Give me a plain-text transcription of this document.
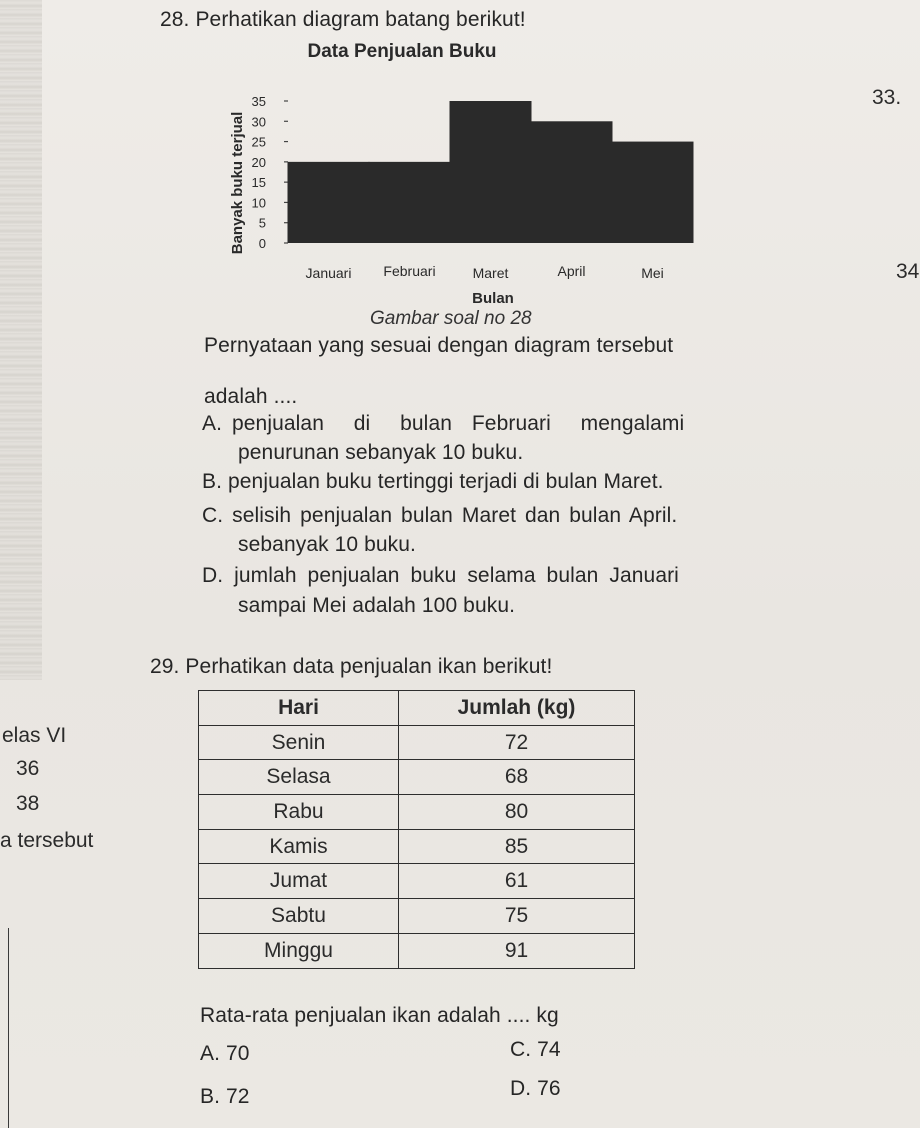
28. Perhatikan diagram batang berikut!
Data Penjualan Buku
Banyak buku terjual
Bulan
0
5
10
15
20
25
30
35
Januari Februari	Maret	April	Mei
Gambar soal no 28
Pernyataan yang sesuai dengan diagram tersebut
adalah ....
A. penjualan   di   bulan  Februari   mengalami
penurunan sebanyak 10 buku.
B. penjualan buku tertinggi terjadi di bulan Maret.
C. selisih penjualan bulan Maret dan bulan April.
sebanyak 10 buku.
D. jumlah penjualan buku selama bulan Januari
sampai Mei adalah 100 buku.
29. Perhatikan data penjualan ikan berikut!
Hari	Jumlah (kg)
Senin	72
Selasa	68
Rabu	80
Kamis	85
Jumat	61
Sabtu	75
Minggu	91
Rata-rata penjualan ikan adalah .... kg
A. 70	C. 74
B. 72	D. 76
33.
34
elas VI
36
38
a tersebut
